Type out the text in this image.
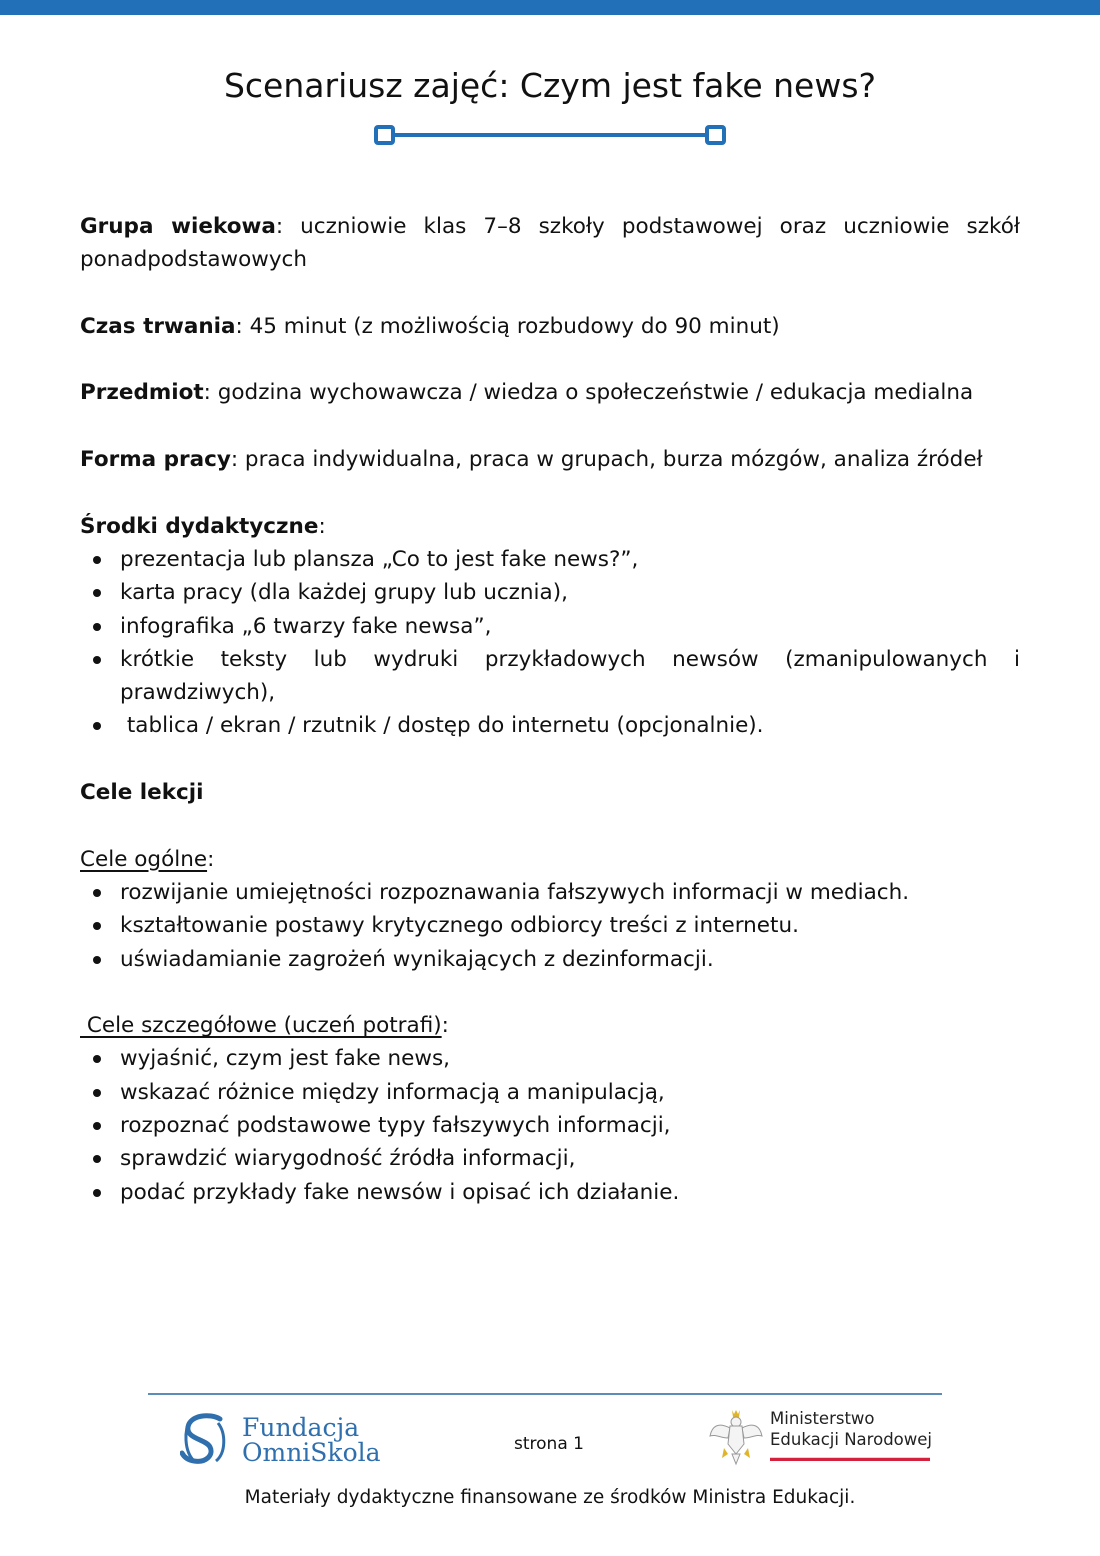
Scenariusz zajęć: Czym jest fake news?

Grupa wiekowa: uczniowie klas 7–8 szkoły podstawowej oraz uczniowie szkół ponadpodstawowych

Czas trwania: 45 minut (z możliwością rozbudowy do 90 minut)

Przedmiot: godzina wychowawcza / wiedza o społeczeństwie / edukacja medialna

Forma pracy: praca indywidualna, praca w grupach, burza mózgów, analiza źródeł

Środki dydaktyczne:
prezentacja lub plansza „Co to jest fake news?”,
karta pracy (dla każdej grupy lub ucznia),
infografika „6 twarzy fake newsa”,
krótkie teksty lub wydruki przykładowych newsów (zmanipulowanych i prawdziwych),
tablica / ekran / rzutnik / dostęp do internetu (opcjonalnie).
Cele lekcji
Cele ogólne:
rozwijanie umiejętności rozpoznawania fałszywych informacji w mediach.
kształtowanie postawy krytycznego odbiorcy treści z internetu.
uświadamianie zagrożeń wynikających z dezinformacji.
Cele szczegółowe (uczeń potrafi):
wyjaśnić, czym jest fake news,
wskazać różnice między informacją a manipulacją,
rozpoznać podstawowe typy fałszywych informacji,
sprawdzić wiarygodność źródła informacji,
podać przykłady fake newsów i opisać ich działanie.
Fundacja
OmniSkola	strona 1
Ministerstwo
Edukacji Narodowej
Materiały dydaktyczne finansowane ze środków Ministra Edukacji.
